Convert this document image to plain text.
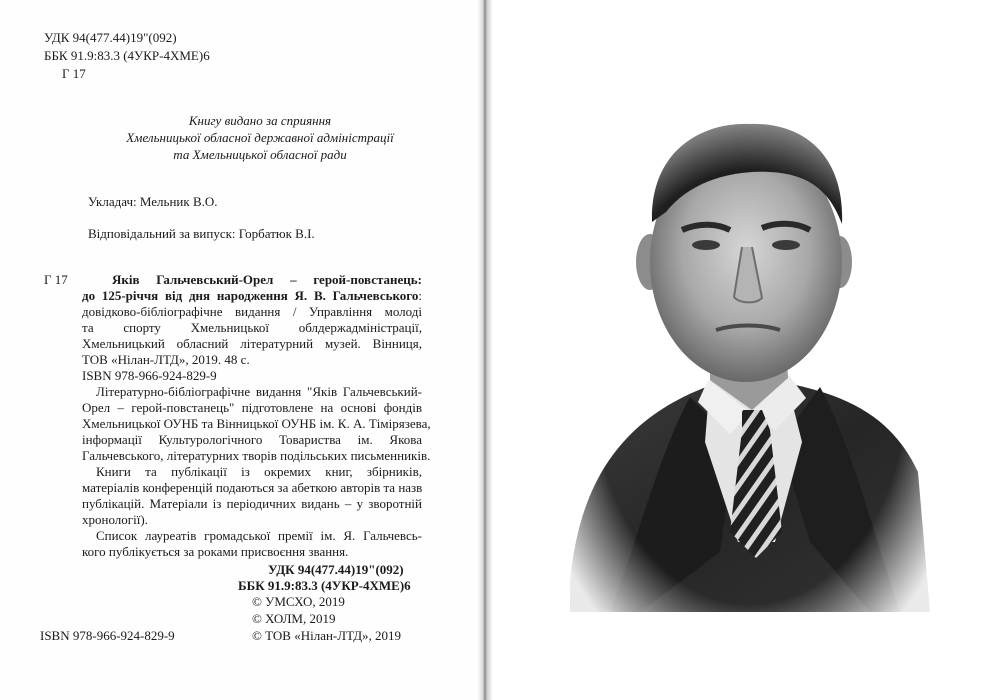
УДК 94(477.44)19"(092)
ББК 91.9:83.3 (4УКР-4ХМЕ)6
Г 17
Книгу видано за сприяння
Хмельницької обласної державної адміністрації
та Хмельницької обласної ради
Укладач: Мельник В.О.
Відповідальний за випуск: Горбатюк В.І.
Г 17	Яків Гальчевський-Орел – герой-повстанець:
до 125-річчя від дня народження Я. В. Гальчевського:
довідково-бібліографічне видання / Управління молоді
та спорту Хмельницької облдержадміністрації,
Хмельницький обласний літературний музей. Вінниця,
ТОВ «Нілан-ЛТД», 2019. 48 с.
ISBN 978-966-924-829-9
Літературно-бібліографічне видання "Яків Гальчевський-
Орел – герой-повстанець" підготовлене на основі фондів
Хмельницької ОУНБ та Вінницької ОУНБ ім. К. А. Тімірязева,
інформації Культурологічного Товариства ім. Якова
Гальчевського, літературних творів подільських письменників.
Книги та публікації із окремих книг, збірників,
матеріалів конференцій подаються за абеткою авторів та назв
публікацій. Матеріали із періодичних видань – у зворотній
хронології).
Список лауреатів громадської премії ім. Я. Гальчевсь-
кого публікується за роками присвоєння звання.
УДК 94(477.44)19"(092)
ББК 91.9:83.3 (4УКР-4ХМЕ)6
© УМСХО, 2019
© ХОЛМ, 2019
© ТОВ «Нілан-ЛТД», 2019
ISBN 978-966-924-829-9
